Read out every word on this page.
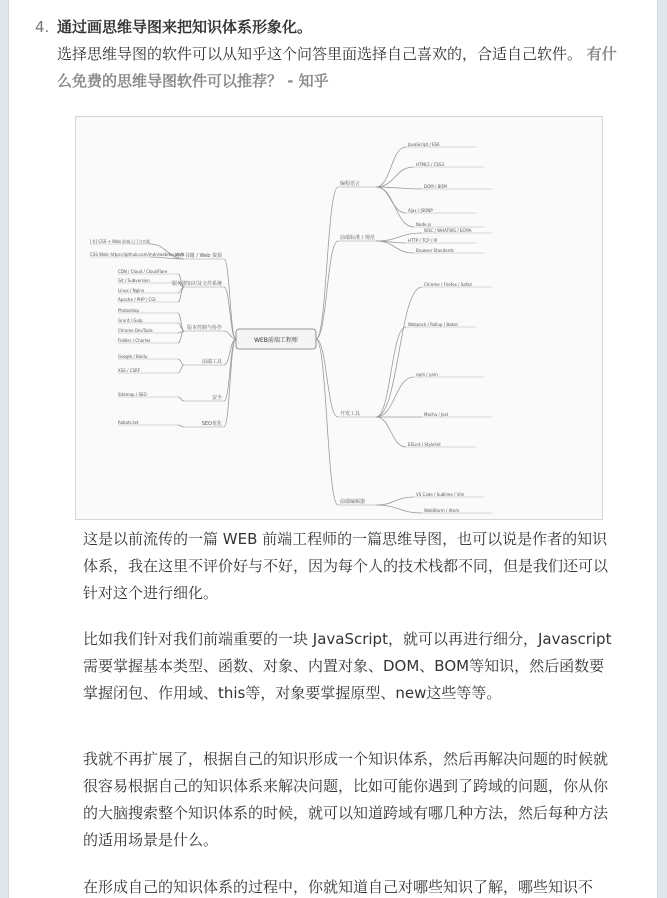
4. 通过画思维导图来把知识体系形象化。
选择思维导图的软件可以从知乎这个问答里面选择自己喜欢的，合适自己软件。 有什么免费的思维导图软件可以推荐？ - 知乎
推荐书籍 / Web 资源
服务器知识及文件系统
版本控制与协作
前端工具
安全
SEO优化
[书] CSS + Web 前端入门与实践
CSS Web: https://github.com/mdn/webdev.com
CDN / Cloud / CloudFlare
Git / Subversion
Linux / Nginx
Apache / PHP / CGI
Photoshop
Grunt / Gulp
Chrome DevTools
Fiddler / Charles
Google / Baidu
XSS / CSRF
Sitemap / SEO
Robots.txt
编程语言
前端标准 / 规范
开发工具
前端编辑器
JavaScript / ES6
HTML5 / CSS3
DOM / BOM
Ajax / JSONP
Node.js
W3C / WHATWG / ECMA
HTTP / TCP / IP
Browser Standards
Chrome / Firefox / Safari
Webpack / Rollup / Babel
npm / yarn
Mocha / Jest
ESLint / Stylelint
VS Code / Sublime / Vim
WebStorm / Atom
WEB前端工程师

这是以前流传的一篇 WEB 前端工程师的一篇思维导图，也可以说是作者的知识体系，我在这里不评价好与不好，因为每个人的技术栈都不同，但是我们还可以针对这个进行细化。

比如我们针对我们前端重要的一块 JavaScript，就可以再进行细分，Javascript 需要掌握基本类型、函数、对象、内置对象、DOM、BOM等知识，然后函数要掌握闭包、作用域、this等，对象要掌握原型、new这些等等。

我就不再扩展了，根据自己的知识形成一个知识体系，然后再解决问题的时候就很容易根据自己的知识体系来解决问题，比如可能你遇到了跨域的问题，你从你的大脑搜索整个知识体系的时候，就可以知道跨域有哪几种方法，然后每种方法的适用场景是什么。

在形成自己的知识体系的过程中，你就知道自己对哪些知识了解，哪些知识不
